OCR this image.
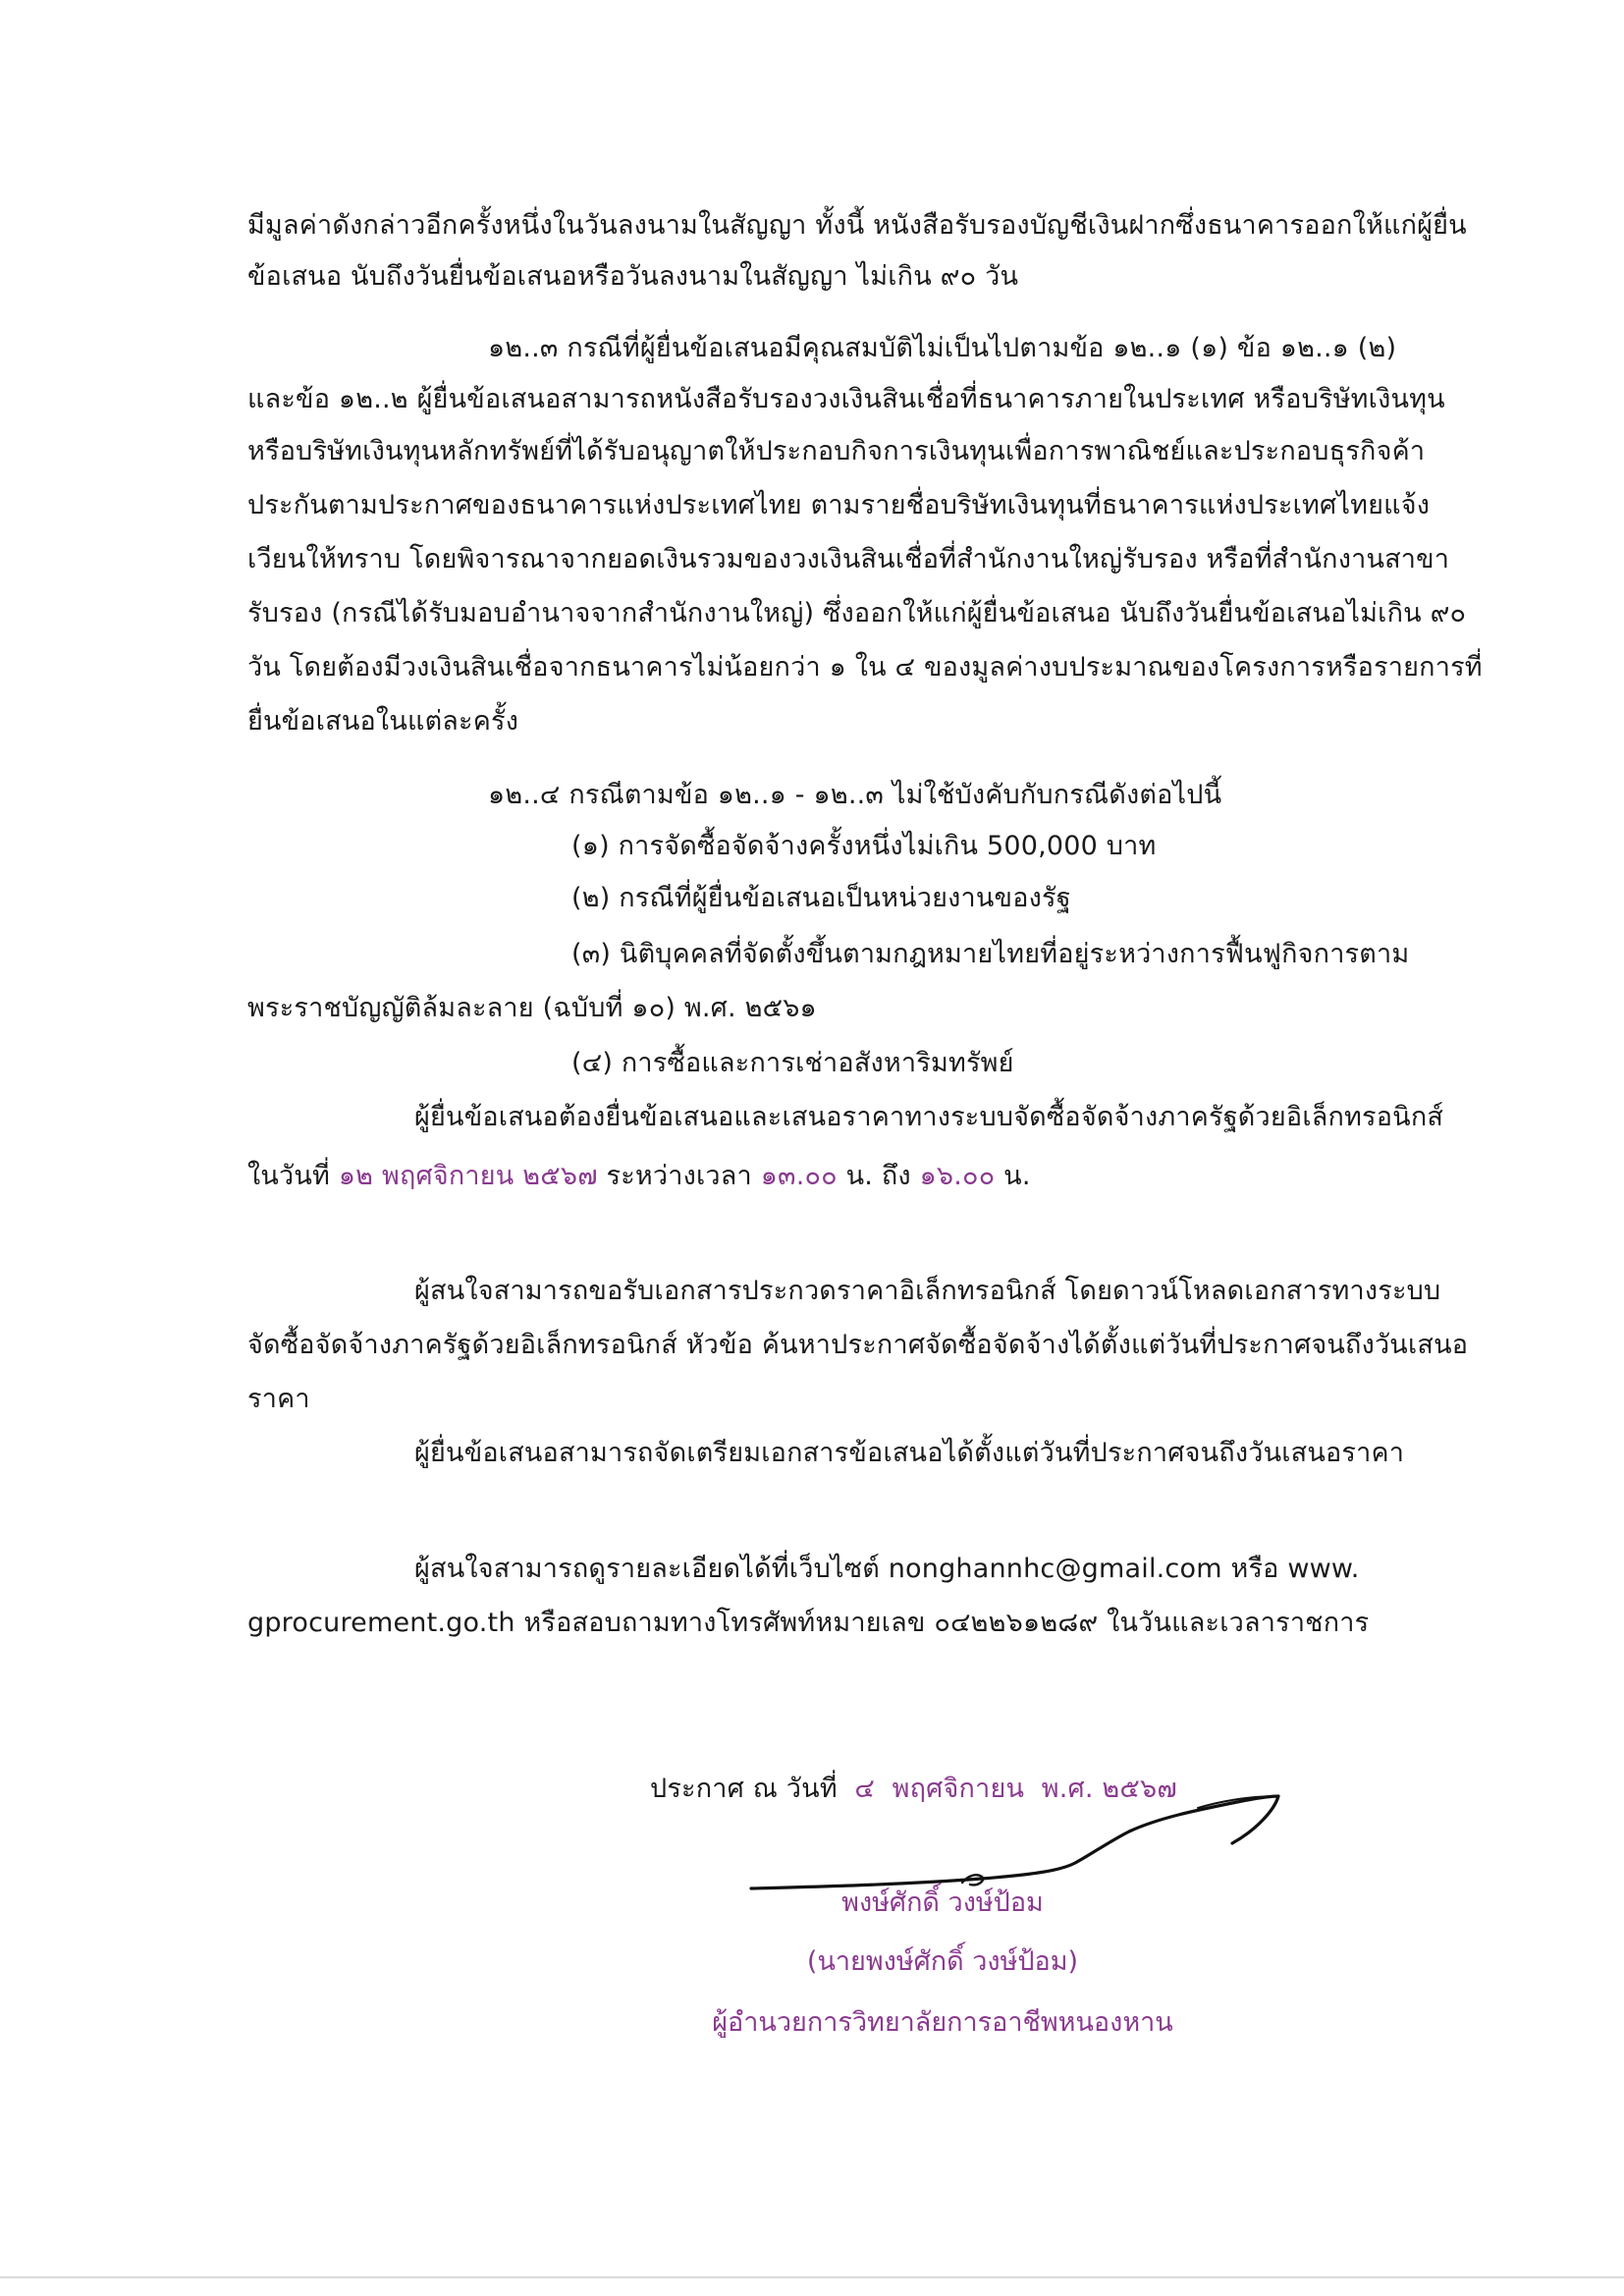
มีมูลค่าดังกล่าวอีกครั้งหนึ่งในวันลงนามในสัญญา ทั้งนี้ หนังสือรับรองบัญชีเงินฝากซึ่งธนาคารออกให้แก่ผู้ยื่น
ข้อเสนอ นับถึงวันยื่นข้อเสนอหรือวันลงนามในสัญญา ไม่เกิน ๙๐ วัน
๑๒..๓ กรณีที่ผู้ยื่นข้อเสนอมีคุณสมบัติไม่เป็นไปตามข้อ ๑๒..๑ (๑) ข้อ ๑๒..๑ (๒)
และข้อ ๑๒..๒ ผู้ยื่นข้อเสนอสามารถหนังสือรับรองวงเงินสินเชื่อที่ธนาคารภายในประเทศ หรือบริษัทเงินทุน
หรือบริษัทเงินทุนหลักทรัพย์ที่ได้รับอนุญาตให้ประกอบกิจการเงินทุนเพื่อการพาณิชย์และประกอบธุรกิจค้า
ประกันตามประกาศของธนาคารแห่งประเทศไทย ตามรายชื่อบริษัทเงินทุนที่ธนาคารแห่งประเทศไทยแจ้ง
เวียนให้ทราบ โดยพิจารณาจากยอดเงินรวมของวงเงินสินเชื่อที่สำนักงานใหญ่รับรอง หรือที่สำนักงานสาขา
รับรอง (กรณีได้รับมอบอำนาจจากสำนักงานใหญ่) ซึ่งออกให้แก่ผู้ยื่นข้อเสนอ นับถึงวันยื่นข้อเสนอไม่เกิน ๙๐
วัน โดยต้องมีวงเงินสินเชื่อจากธนาคารไม่น้อยกว่า ๑ ใน ๔ ของมูลค่างบประมาณของโครงการหรือรายการที่
ยื่นข้อเสนอในแต่ละครั้ง
๑๒..๔ กรณีตามข้อ ๑๒..๑ - ๑๒..๓ ไม่ใช้บังคับกับกรณีดังต่อไปนี้
(๑) การจัดซื้อจัดจ้างครั้งหนึ่งไม่เกิน 500,000 บาท
(๒) กรณีที่ผู้ยื่นข้อเสนอเป็นหน่วยงานของรัฐ
(๓) นิติบุคคลที่จัดตั้งขึ้นตามกฎหมายไทยที่อยู่ระหว่างการฟื้นฟูกิจการตาม
พระราชบัญญัติล้มละลาย (ฉบับที่ ๑๐) พ.ศ. ๒๕๖๑
(๔) การซื้อและการเช่าอสังหาริมทรัพย์
ผู้ยื่นข้อเสนอต้องยื่นข้อเสนอและเสนอราคาทางระบบจัดซื้อจัดจ้างภาครัฐด้วยอิเล็กทรอนิกส์
ในวันที่ ๑๒ พฤศจิกายน ๒๕๖๗ ระหว่างเวลา ๑๓.๐๐ น. ถึง ๑๖.๐๐ น.
ผู้สนใจสามารถขอรับเอกสารประกวดราคาอิเล็กทรอนิกส์ โดยดาวน์โหลดเอกสารทางระบบ
จัดซื้อจัดจ้างภาครัฐด้วยอิเล็กทรอนิกส์ หัวข้อ ค้นหาประกาศจัดซื้อจัดจ้างได้ตั้งแต่วันที่ประกาศจนถึงวันเสนอ
ราคา
ผู้ยื่นข้อเสนอสามารถจัดเตรียมเอกสารข้อเสนอได้ตั้งแต่วันที่ประกาศจนถึงวันเสนอราคา
ผู้สนใจสามารถดูรายละเอียดได้ที่เว็บไซต์ nonghannhc@gmail.com หรือ www.
gprocurement.go.th หรือสอบถามทางโทรศัพท์หมายเลข ๐๔๒๒๖๑๒๘๙ ในวันและเวลาราชการ
ประกาศ ณ วันที่ ๔ พฤศจิกายน พ.ศ. ๒๕๖๗
พงษ์ศักดิ์ วงษ์ป้อม
(นายพงษ์ศักดิ์ วงษ์ป้อม)
ผู้อำนวยการวิทยาลัยการอาชีพหนองหาน
